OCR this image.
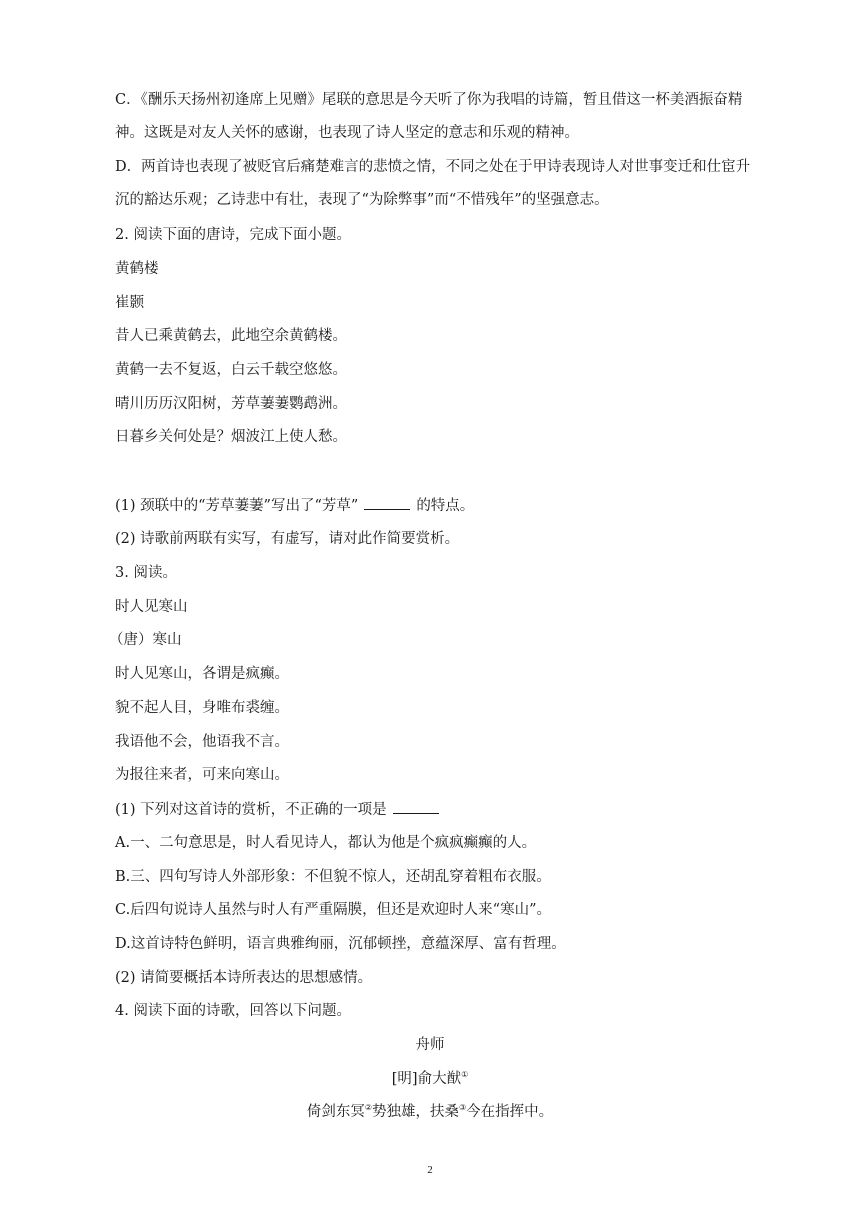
C．《酬乐天扬州初逢席上见赠》尾联的意思是今天听了你为我唱的诗篇，暂且借这一杯美酒振奋精
神。这既是对友人关怀的感谢，也表现了诗人坚定的意志和乐观的精神。
D．两首诗也表现了被贬官后痛楚难言的悲愤之情，不同之处在于甲诗表现诗人对世事变迁和仕宦升
沉的豁达乐观；乙诗悲中有壮，表现了“为除弊事”而“不惜残年”的坚强意志。
2. 阅读下面的唐诗，完成下面小题。
黄鹤楼
崔颢
昔人已乘黄鹤去，此地空余黄鹤楼。
黄鹤一去不复返，白云千载空悠悠。
晴川历历汉阳树，芳草萋萋鹦鹉洲。
日暮乡关何处是？烟波江上使人愁。
(1) 颈联中的“芳草萋萋”写出了“芳草”	的特点。
(2) 诗歌前两联有实写，有虚写，请对此作简要赏析。
3. 阅读。
时人见寒山
（唐）寒山
时人见寒山，各谓是疯癫。
貌不起人目，身唯布裘缠。
我语他不会，他语我不言。
为报往来者，可来向寒山。
(1) 下列对这首诗的赏析，不正确的一项是
A.一、二句意思是，时人看见诗人，都认为他是个疯疯癫癫的人。
B.三、四句写诗人外部形象：不但貌不惊人，还胡乱穿着粗布衣服。
C.后四句说诗人虽然与时人有严重隔膜，但还是欢迎时人来“寒山”。
D.这首诗特色鲜明，语言典雅绚丽，沉郁顿挫，意蕴深厚、富有哲理。
(2) 请简要概括本诗所表达的思想感情。
4. 阅读下面的诗歌，回答以下问题。
舟师
[明]俞大猷①
倚剑东冥②势独雄，扶桑③今在指挥中。
2
